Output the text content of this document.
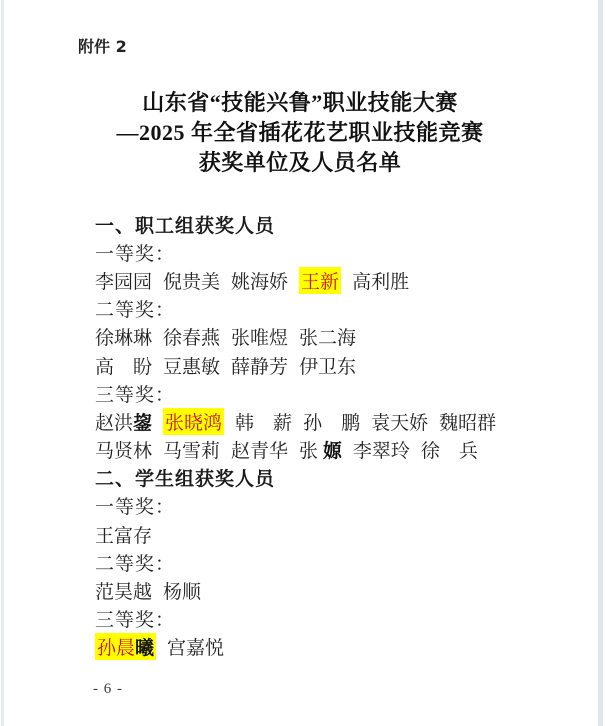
附件 2
山东省“技能兴鲁”职业技能大赛
—2025 年全省插花花艺职业技能竞赛
获奖单位及人员名单
一、职工组获奖人员
一等奖：
李园园 倪贵美 姚海娇 王新 高利胜
二等奖：
徐琳琳 徐春燕 张唯煜 张二海
高　盼 豆惠敏 薛静芳 伊卫东
三等奖：
赵洪鋆 张晓鸿 韩　薪 孙　鹏 袁天娇 魏昭群
马贤林 马雪莉 赵青华 张 嫄 李翠玲 徐　兵
二、学生组获奖人员
一等奖：
王富存
二等奖：
范昊越 杨顺
三等奖：
孙晨曦 宫嘉悦
- 6 -
